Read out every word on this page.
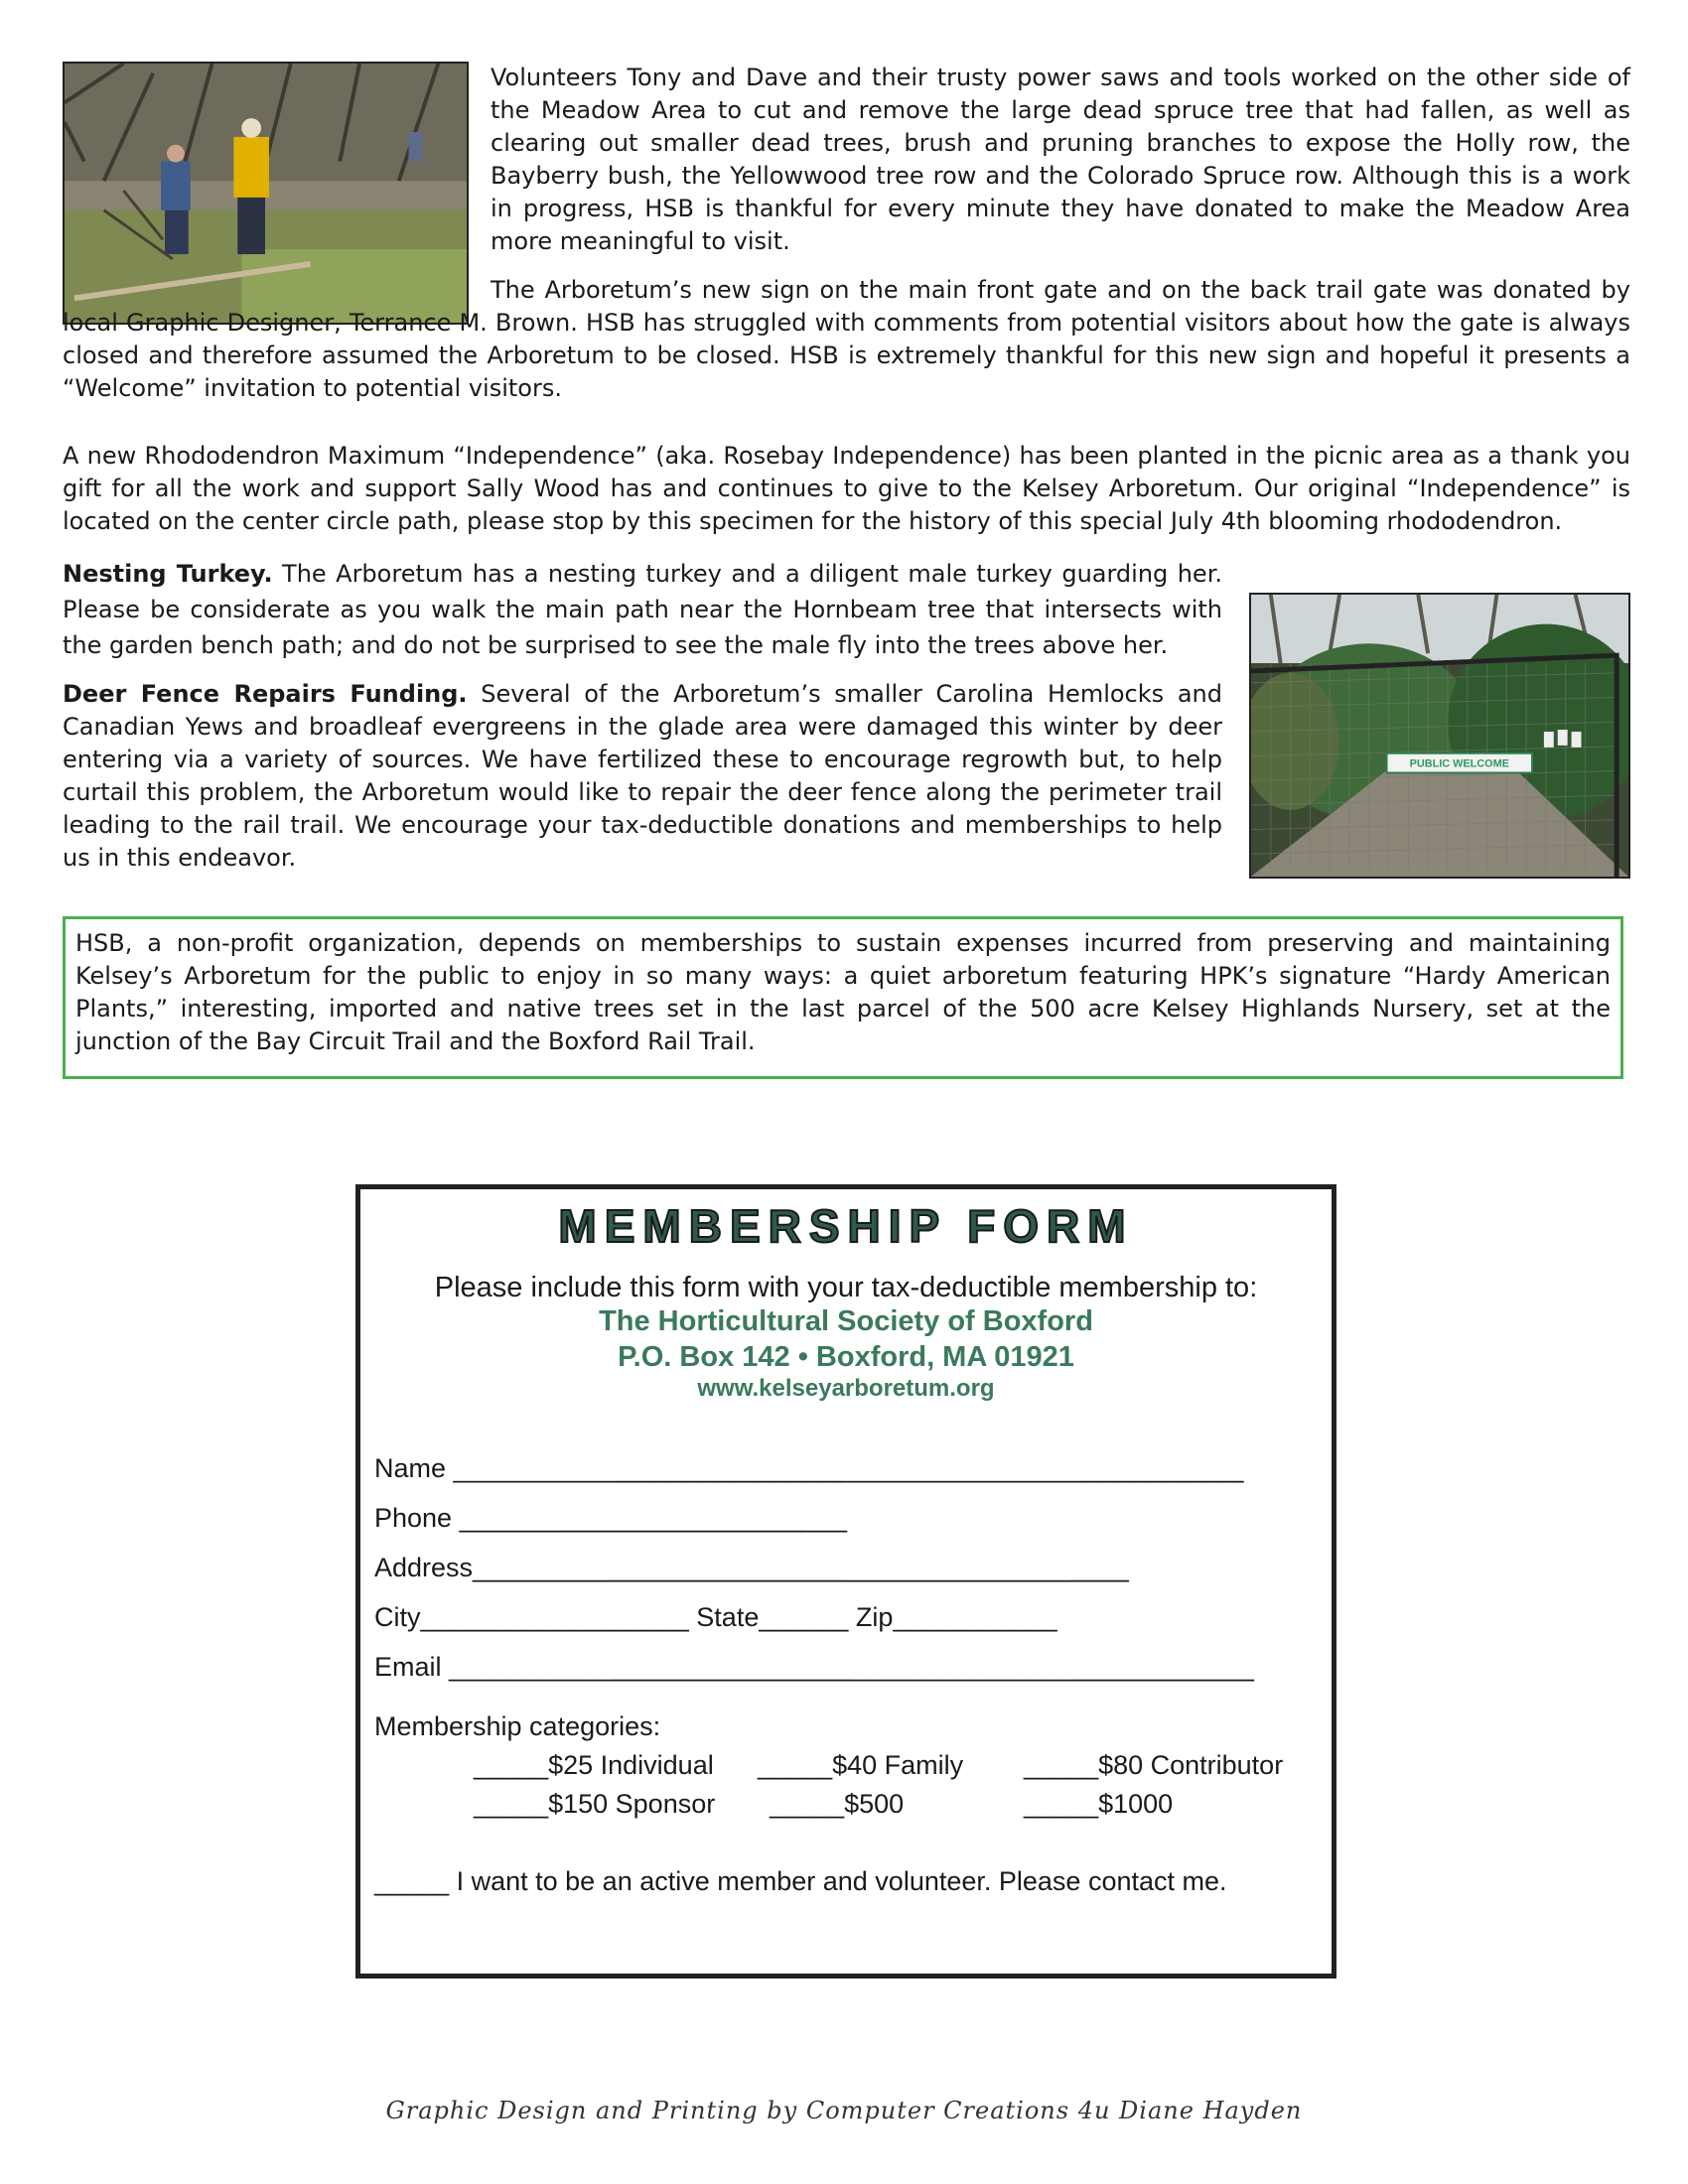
Volunteers Tony and Dave and their trusty power saws and tools worked on the other side of the Meadow Area to cut and remove the large dead spruce tree that had fallen, as well as clearing out smaller dead trees, brush and pruning branches to expose the Holly row, the Bayberry bush, the Yellowwood tree row and the Colorado Spruce row. Although this is a work in progress, HSB is thankful for every minute they have donated to make the Meadow Area more meaningful to visit.

The Arboretum’s new sign on the main front gate and on the back trail gate was donated by local Graphic Designer, Terrance M. Brown. HSB has struggled with comments from potential visitors about how the gate is always closed and therefore assumed the Arboretum to be closed. HSB is extremely thankful for this new sign and hopeful it presents a “Welcome” invitation to potential visitors.

A new Rhododendron Maximum “Independence” (aka. Rosebay Independence) has been planted in the picnic area as a thank you gift for all the work and support Sally Wood has and continues to give to the Kelsey Arboretum. Our original “Independence” is located on the center circle path, please stop by this specimen for the history of this special July 4th blooming rhododendron.

Nesting Turkey. The Arboretum has a nesting turkey and a diligent male turkey guarding her. Please be considerate as you walk the main path near the Hornbeam tree that intersects with the garden bench path; and do not be surprised to see the male fly into the trees above her.

Deer Fence Repairs Funding. Several of the Arboretum’s smaller Carolina Hemlocks and Canadian Yews and broadleaf evergreens in the glade area were damaged this winter by deer entering via a variety of sources. We have fertilized these to encourage regrowth but, to help curtail this problem, the Arboretum would like to repair the deer fence along the perimeter trail leading to the rail trail. We encourage your tax-deductible donations and memberships to help us in this endeavor.

PUBLIC WELCOME

HSB, a non-profit organization, depends on memberships to sustain expenses incurred from preserving and maintaining Kelsey’s Arboretum for the public to enjoy in so many ways: a quiet arboretum featuring HPK’s signature “Hardy American Plants,” interesting, imported and native trees set in the last parcel of the 500 acre Kelsey Highlands Nursery, set at the junction of the Bay Circuit Trail and the Boxford Rail Trail.

MEMBERSHIP FORM
Please include this form with your tax-deductible membership to:
The Horticultural Society of Boxford
P.O. Box 142 • Boxford, MA 01921
www.kelseyarboretum.org
Name _____________________________________________________
Phone __________________________
Address____________________________________________
City__________________ State______ Zip___________
Email ______________________________________________________
Membership categories:
_____$25 Individual _____$40 Family _____$80 Contributor
_____$150 Sponsor _____$500	_____$1000
_____ I want to be an active member and volunteer. Please contact me.
Graphic Design and Printing by Computer Creations 4u Diane Hayden
